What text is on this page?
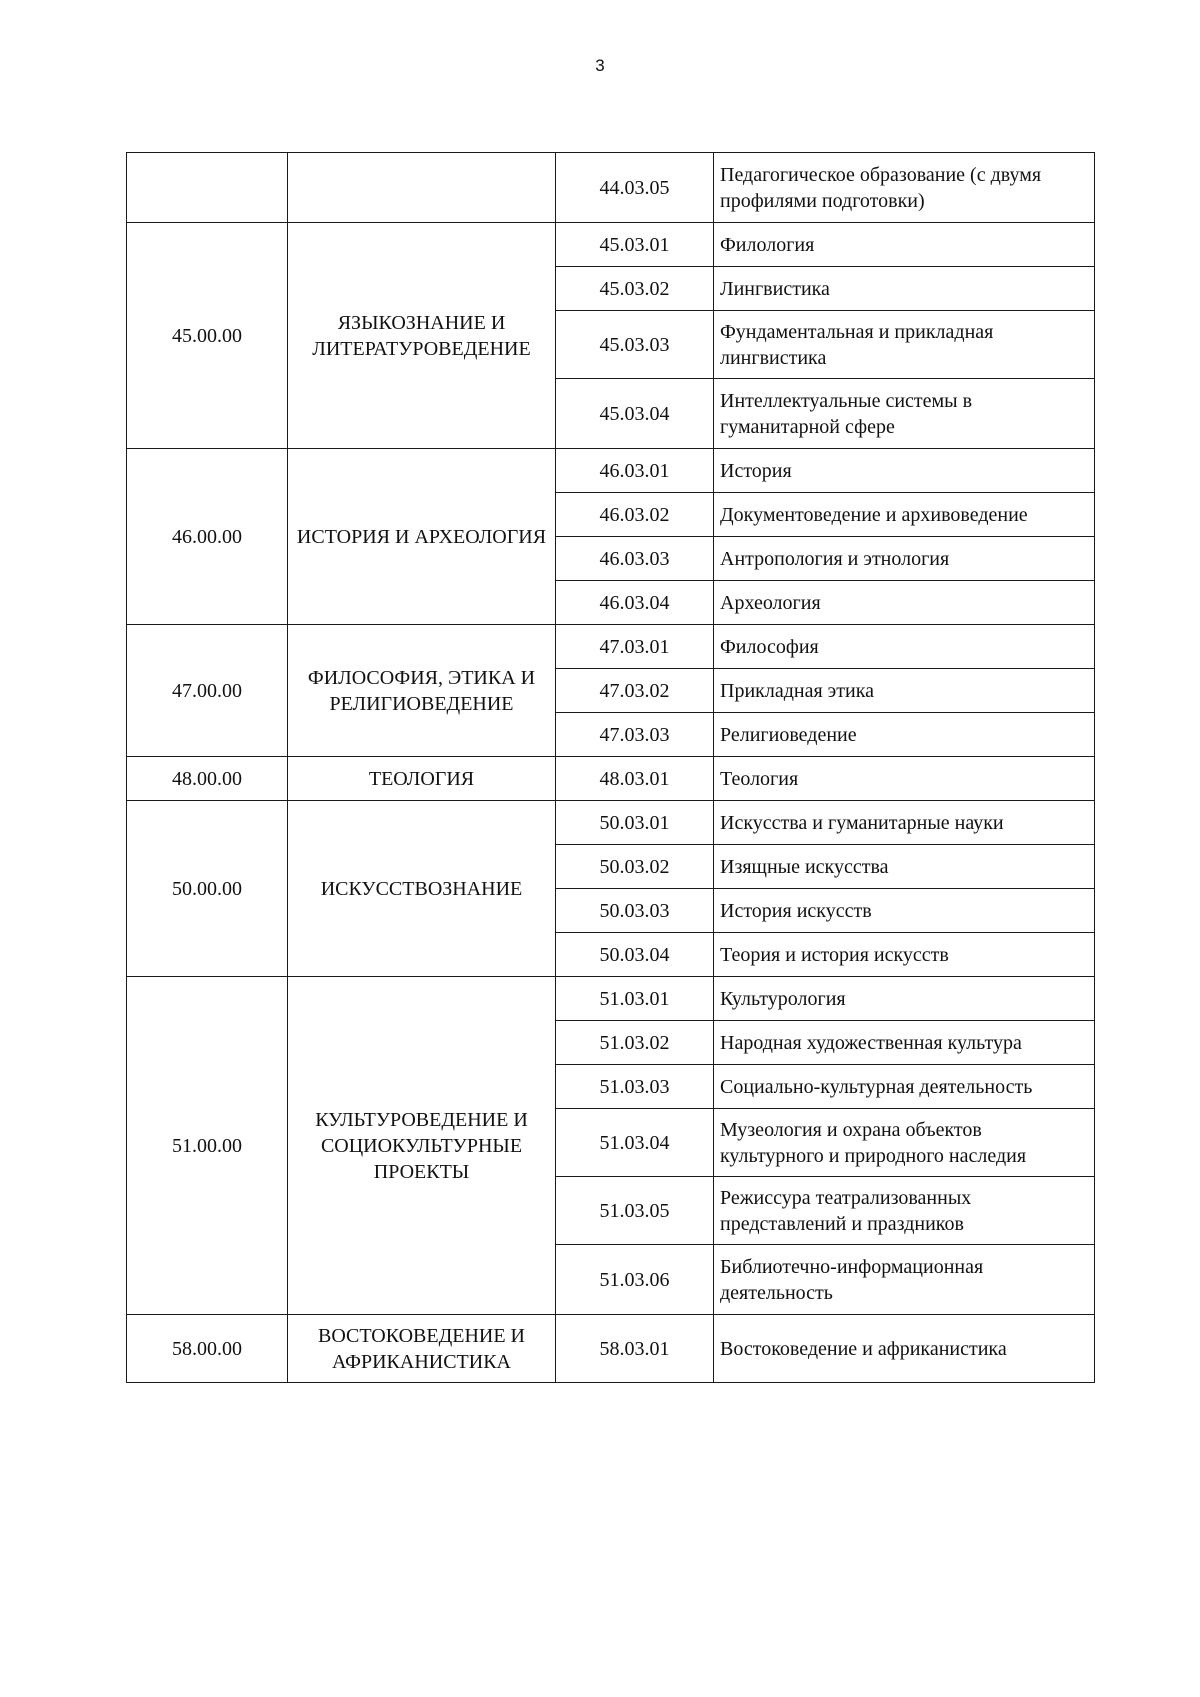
3
		44.03.05	Педагогическое образование (с двумя профилями подготовки)
45.00.00	ЯЗЫКОЗНАНИЕ И ЛИТЕРАТУРОВЕДЕНИЕ	45.03.01	Филология
		45.03.02	Лингвистика
		45.03.03	Фундаментальная и прикладная лингвистика
		45.03.04	Интеллектуальные системы в гуманитарной сфере
46.00.00	ИСТОРИЯ И АРХЕОЛОГИЯ	46.03.01	История
		46.03.02	Документоведение и архивоведение
		46.03.03	Антропология и этнология
		46.03.04	Археология
47.00.00	ФИЛОСОФИЯ, ЭТИКА И РЕЛИГИОВЕДЕНИЕ	47.03.01	Философия
		47.03.02	Прикладная этика
		47.03.03	Религиоведение
48.00.00	ТЕОЛОГИЯ	48.03.01	Теология
50.00.00	ИСКУССТВОЗНАНИЕ	50.03.01	Искусства и гуманитарные науки
		50.03.02	Изящные искусства
		50.03.03	История искусств
		50.03.04	Теория и история искусств
51.00.00	КУЛЬТУРОВЕДЕНИЕ И СОЦИОКУЛЬТУРНЫЕ ПРОЕКТЫ	51.03.01	Культурология
		51.03.02	Народная художественная культура
		51.03.03	Социально-культурная деятельность
		51.03.04	Музеология и охрана объектов культурного и природного наследия
		51.03.05	Режиссура театрализованных представлений и праздников
		51.03.06	Библиотечно-информационная деятельность
58.00.00	ВОСТОКОВЕДЕНИЕ И АФРИКАНИСТИКА	58.03.01	Востоковедение и африканистика
